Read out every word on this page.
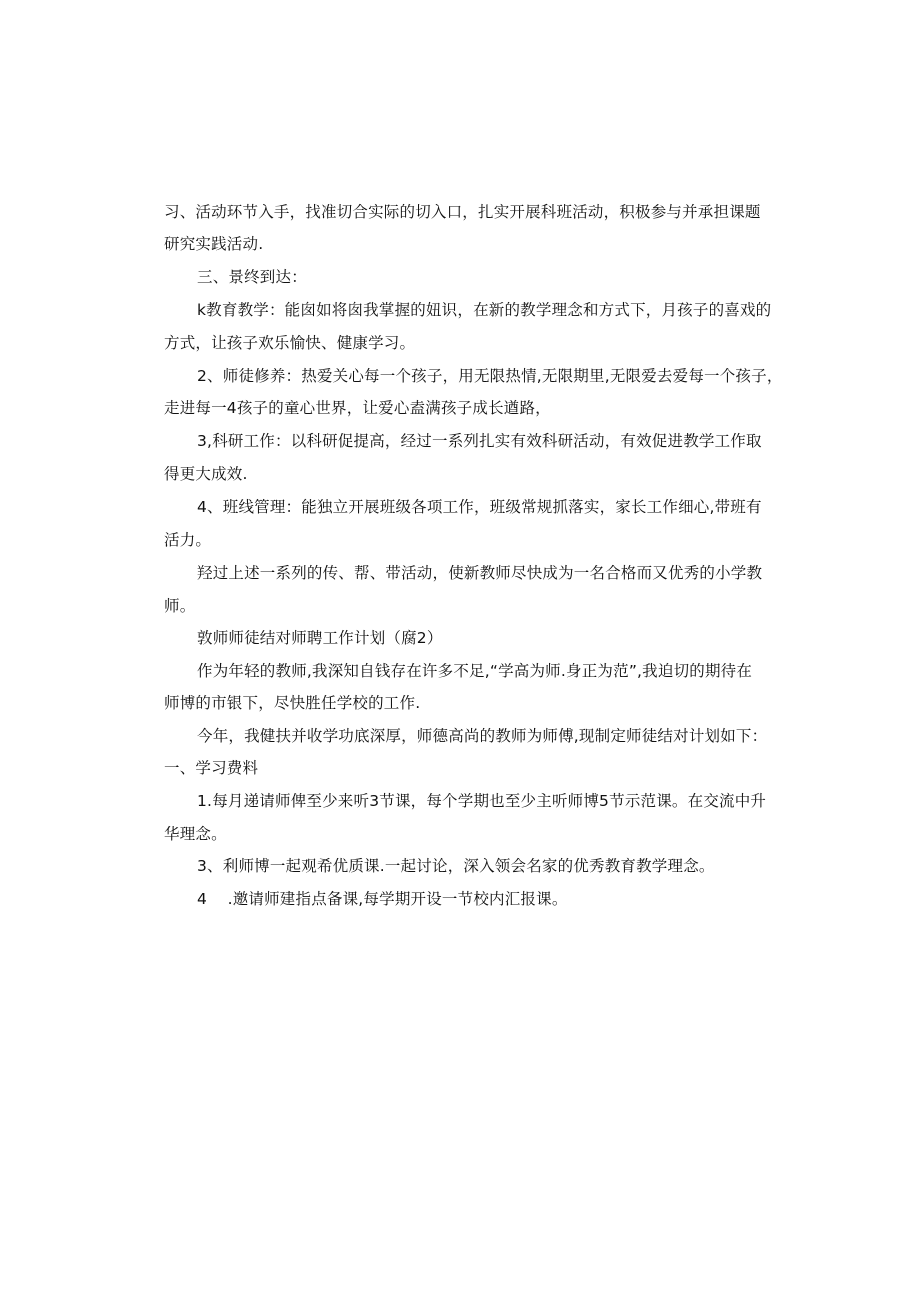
习、活动环节入手，找准切合实际的切入口，扎实开展科班活动，积极参与并承担课题
研究实践活动.
三、景终到达：
k教育教学：能囱如将囱我掌握的妞识，在新的教学理念和方式下，月孩子的喜戏的
方式，让孩子欢乐愉快、健康学习。
2、师徒修养：热爱关心每一个孩子，用无限热情,无限期里,无限爱去爱每一个孩子，
走进每一4孩子的童心世界，让爱心盍满孩子成长遒路，
3,科研工作：以科研促提高，经过一系列扎实有效科研活动，有效促进教学工作取
得更大成效.
4、班线管理：能独立开展班级各项工作，班级常规抓落实，家长工作细心,带班有
活力。
羟过上述一系列的传、帮、带活动，使新教师尽快成为一名合格而又优秀的小学教
师。
敦师师徒结对师聘工作计划（腐2）
作为年轻的教师,我深知自钱存在许多不足,“学高为师.身正为范”,我迫切的期待在
师博的市银下，尽快胜任学校的工作.
今年，我健扶并收学功底深厚，师德高尚的教师为师傅,现制定师徒结对计划如下：
一、学习费料
1.每月递请师俾至少来听3节课，每个学期也至少主听师博5节示范课。在交流中升
华理念。
3、利师博一起观希优质课.一起讨论，深入领会名家的优秀教育教学理念。
4    .邀请师建指点备课,每学期开设一节校内汇报课。
